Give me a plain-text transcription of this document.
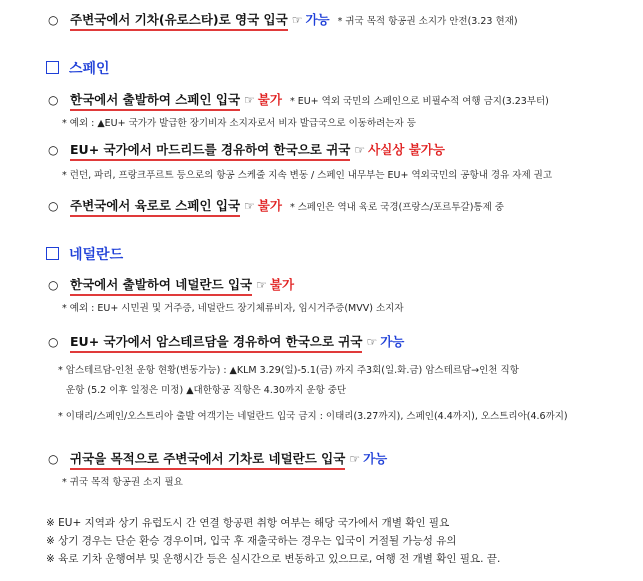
○ 주변국에서 기차(유로스타)로 영국 입국 ☞ 가능 * 귀국 목적 항공권 소지가 안전(3.23 현재)
스페인
○ 한국에서 출발하여 스페인 입국 ☞ 불가 * EU+ 역외 국민의 스페인으로 비필수적 여행 금지(3.23부터)
* 예외 : ▲EU+ 국가가 발급한 장기비자 소지자로서 비자 발급국으로 이동하려는자 등
○ EU+ 국가에서 마드리드를 경유하여 한국으로 귀국 ☞ 사실상 불가능
* 런던, 파리, 프랑크푸르트 등으로의 항공 스케줄 지속 변동 / 스페인 내무부는 EU+ 역외국민의 공항내 경유 자제 권고
○ 주변국에서 육로로 스페인 입국 ☞ 불가 * 스페인은 역내 육로 국경(프랑스/포르투갈)통제 중
네덜란드
○ 한국에서 출발하여 네덜란드 입국 ☞ 불가
* 예외 : EU+ 시민권 및 거주증, 네덜란드 장기체류비자, 임시거주증(MVV) 소지자
○ EU+ 국가에서 암스테르담을 경유하여 한국으로 귀국 ☞ 가능
* 암스테르담-인천 운항 현황(변동가능) : ▲KLM 3.29(일)-5.1(금) 까지 주3회(일.화.금) 암스테르담→인천 직항
운항 (5.2 이후 일정은 미정) ▲대한항공 직항은 4.30까지 운항 중단
* 이태리/스페인/오스트리아 출발 여객기는 네덜란드 입국 금지 : 이태리(3.27까지), 스페인(4.4까지), 오스트리아(4.6까지)
○ 귀국을 목적으로 주변국에서 기차로 네덜란드 입국 ☞ 가능
* 귀국 목적 항공권 소지 필요
※ EU+ 지역과 상기 유럽도시 간 연결 항공편 취항 여부는 해당 국가에서 개별 확인 필요
※ 상기 경우는 단순 환승 경우이며, 입국 후 재출국하는 경우는 입국이 거절될 가능성 유의
※ 육로 기차 운행여부 및 운행시간 등은 실시간으로 변동하고 있으므로, 여행 전 개별 확인 필요. 끝.
